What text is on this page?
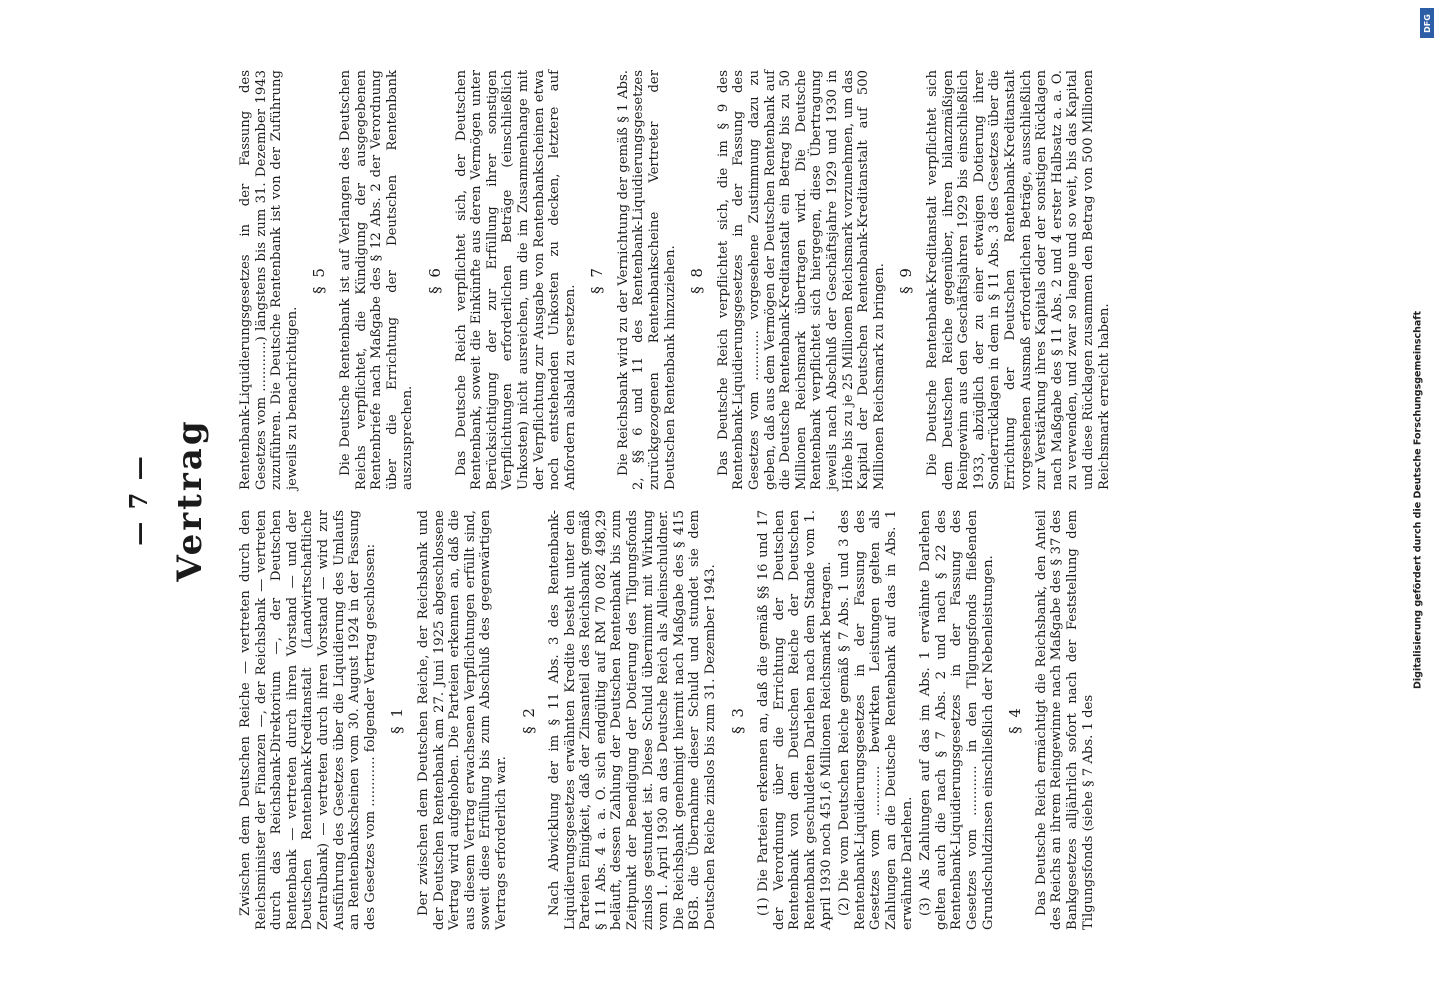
— 7 — Vertrag

Zwischen dem Deutschen Reiche — vertreten durch den Reichsminister der Finanzen —, der Reichsbank — vertreten durch das Reichsbank-Direktorium —, der Deutschen Rentenbank — vertreten durch ihren Vorstand — und der Deutschen Rentenbank-Kreditanstalt (Landwirtschaftliche Zentralbank) — vertreten durch ihren Vorstand — wird zur Ausführung des Gesetzes über die Liquidierung des Umlaufs an Rentenbankscheinen vom 30. August 1924 in der Fassung des Gesetzes vom ............ folgender Vertrag geschlossen: § 1 Der zwischen dem Deutschen Reiche, der Reichsbank und der Deutschen Rentenbank am 27. Juni 1925 abgeschlossene Vertrag wird aufgehoben. Die Parteien erkennen an, daß die aus diesem Vertrag erwachsenen Verpflichtungen erfüllt sind, soweit diese Erfüllung bis zum Abschluß des gegenwärtigen Vertrags erforderlich war.

§ 2 Nach Abwicklung der im § 11 Abs. 3 des Rentenbank-Liquidierungsgesetzes erwähnten Kredite besteht unter den Parteien Einigkeit, daß der Zinsanteil des Reichsbank gemäß § 11 Abs. 4 a. a. O. sich endgültig auf RM 70 082 498,29 beläuft, dessen Zahlung der Deutschen Rentenbank bis zum Zeitpunkt der Beendigung der Dotierung des Tilgungsfonds zinslos gestundet ist. Diese Schuld übernimmt mit Wirkung vom 1. April 1930 an das Deutsche Reich als Alleinschuldner. Die Reichsbank genehmigt hiermit nach Maßgabe des § 415 BGB. die Übernahme dieser Schuld und stundet sie dem Deutschen Reiche zinslos bis zum 31. Dezember 1943. § 3 (1) Die Parteien erkennen an, daß die gemäß §§ 16 und 17 der Verordnung über die Errichtung der Deutschen Rentenbank von dem Deutschen Reiche der Deutschen Rentenbank geschuldeten Darlehen nach dem Stande vom 1. April 1930 noch 451,6 Millionen Reichsmark betragen. (2) Die vom Deutschen Reiche gemäß § 7 Abs. 1 und 3 des Rentenbank-Liquidierungsgesetzes in der Fassung des Gesetzes vom ............ bewirkten Leistungen gelten als Zahlungen an die Deutsche Rentenbank auf das in Abs. 1 erwähnte Darlehen. (3) Als Zahlungen auf das im Abs. 1 erwähnte Darlehen gelten auch die nach § 7 Abs. 2 und nach § 22 des Rentenbank-Liquidierungsgesetzes in der Fassung des Gesetzes vom ............ in den Tilgungsfonds fließenden Grundschuldzinsen einschließlich der Nebenleistungen. § 4 Das Deutsche Reich ermächtigt die Reichsbank, den Anteil des Reichs an ihrem Reingewinne nach Maßgabe des § 37 des Bankgesetzes alljährlich sofort nach der Feststellung dem Tilgungsfonds (siehe § 7 Abs. 1 des

Rentenbank-Liquidierungsgesetzes in der Fassung des Gesetzes vom ............) längstens bis zum 31. Dezember 1943 zuzuführen. Die Deutsche Rentenbank ist von der Zuführung jeweils zu benachrichtigen.

§ 5 Die Deutsche Rentenbank ist auf Verlangen des Deutschen Reichs verpflichtet, die Kündigung der ausgegebenen Rentenbriefe nach Maßgabe des § 12 Abs. 2 der Verordnung über die Errichtung der Deutschen Rentenbank auszusprechen.

§ 6 Das Deutsche Reich verpflichtet sich, der Deutschen Rentenbank, soweit die Einkünfte aus deren Vermögen unter Berücksichtigung der zur Erfüllung ihrer sonstigen Verpflichtungen erforderlichen Beträge (einschließlich Unkosten) nicht ausreichen, um die im Zusammenhange mit der Verpflichtung zur Ausgabe von Rentenbankscheinen etwa noch entstehenden Unkosten zu decken, letztere auf Anfordern alsbald zu ersetzen.

§ 7 Die Reichsbank wird zu der Vernichtung der gemäß § 1 Abs. 2, §§ 6 und 11 des Rentenbank-Liquidierungsgesetzes zurückgezogenen Rentenbankscheine Vertreter der Deutschen Rentenbank hinzuziehen. § 8 Das Deutsche Reich verpflichtet sich, die im § 9 des Rentenbank-Liquidierungsgesetzes in der Fassung des Gesetzes vom ............ vorgesehene Zustimmung dazu zu geben, daß aus dem Vermögen der Deutschen Rentenbank auf die Deutsche Rentenbank-Kreditanstalt ein Betrag bis zu 50 Millionen Reichsmark übertragen wird. Die Deutsche Rentenbank verpflichtet sich hiergegen, diese Übertragung jeweils nach Abschluß der Geschäftsjahre 1929 und 1930 in Höhe bis zu je 25 Millionen Reichsmark vorzunehmen, um das Kapital der Deutschen Rentenbank-Kreditanstalt auf 500 Millionen Reichsmark zu bringen. § 9 Die Deutsche Rentenbank-Kreditanstalt verpflichtet sich dem Deutschen Reiche gegenüber, ihren bilanzmäßigen Reingewinn aus den Geschäftsjahren 1929 bis einschließlich 1933, abzüglich der zu einer etwaigen Dotierung ihrer Sonderrücklagen in dem in § 11 Abs. 3 des Gesetzes über die Errichtung der Deutschen Rentenbank-Kreditanstalt vorgesehenen Ausmaß erforderlichen Beträge, ausschließlich zur Verstärkung ihres Kapitals oder der sonstigen Rücklagen nach Maßgabe des § 11 Abs. 2 und 4 erster Halbsatz a. a. O. zu verwenden, und zwar so lange und so weit, bis das Kapital und diese Rücklagen zusammen den Betrag von 500 Millionen Reichsmark erreicht haben.	Digitalisierung gefördert durch die Deutsche Forschungsgemeinschaft
DFG
